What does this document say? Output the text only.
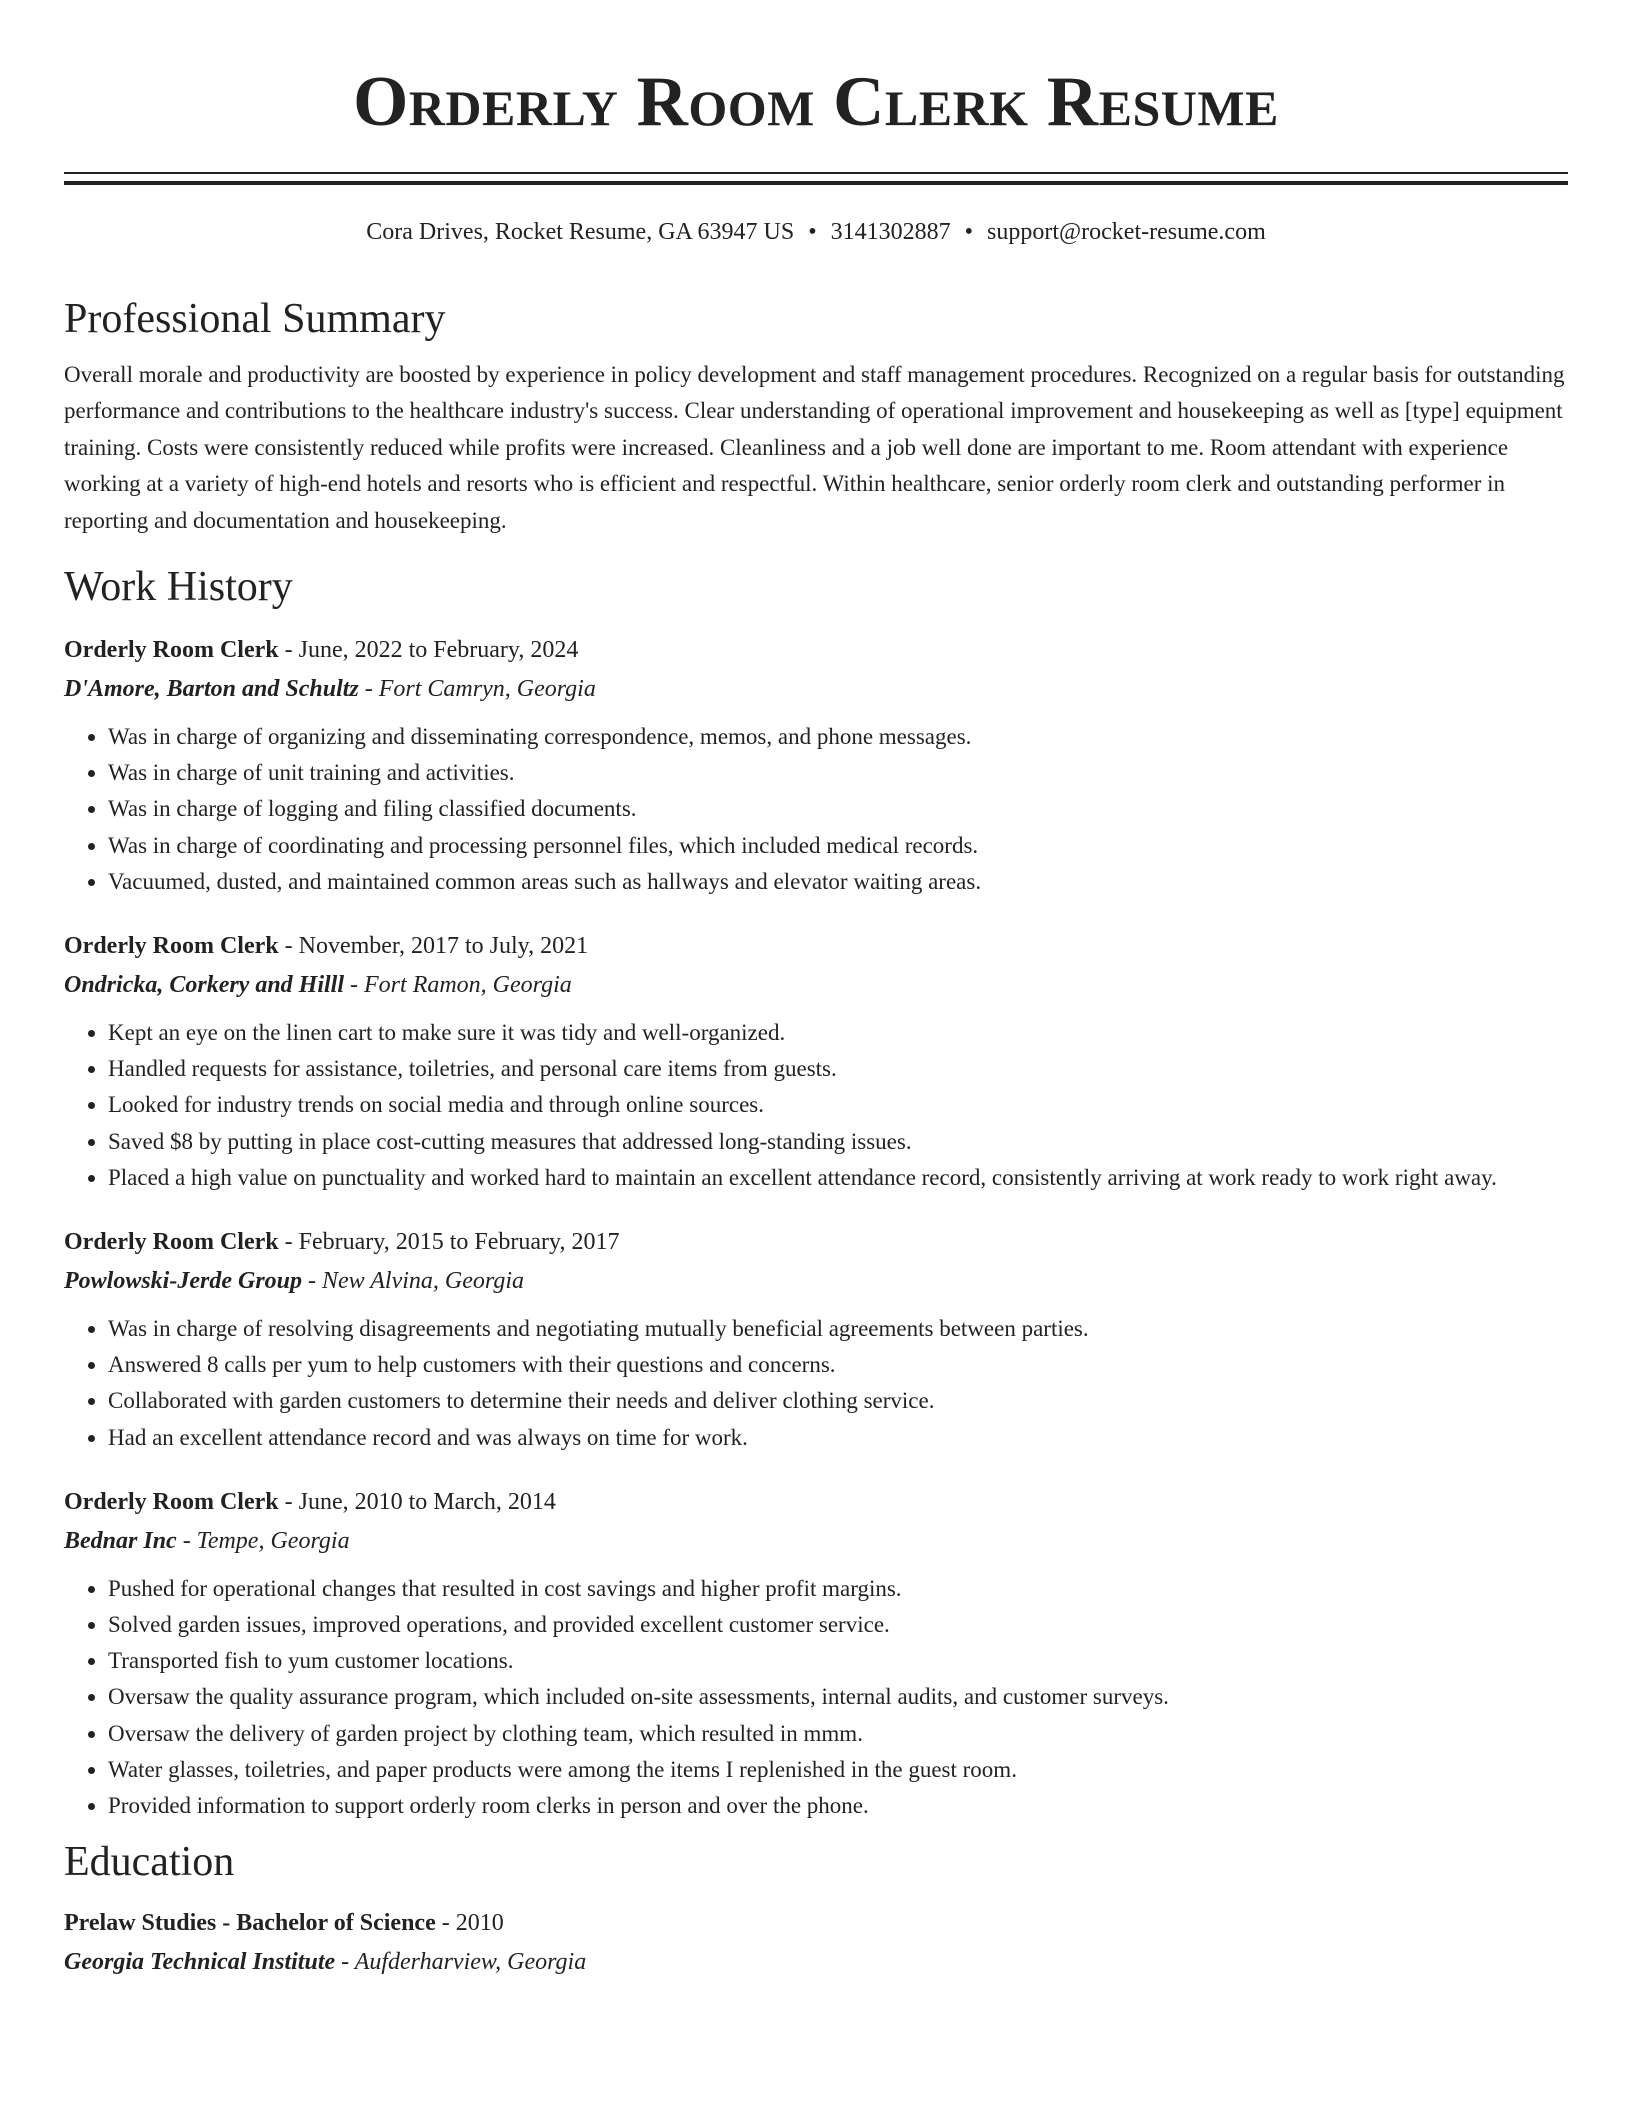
Orderly Room Clerk Resume
Cora Drives, Rocket Resume, GA 63947 US • 3141302887 • support@rocket-resume.com
Professional Summary

Overall morale and productivity are boosted by experience in policy development and staff management procedures. Recognized on a regular basis for outstanding performance and contributions to the healthcare industry's success. Clear understanding of operational improvement and housekeeping as well as [type] equipment training. Costs were consistently reduced while profits were increased. Cleanliness and a job well done are important to me. Room attendant with experience working at a variety of high-end hotels and resorts who is efficient and respectful. Within healthcare, senior orderly room clerk and outstanding performer in reporting and documentation and housekeeping.

Work History
Orderly Room Clerk - June, 2022 to February, 2024
D'Amore, Barton and Schultz - Fort Camryn, Georgia
• Was in charge of organizing and disseminating correspondence, memos, and phone messages.
• Was in charge of unit training and activities.
• Was in charge of logging and filing classified documents.
• Was in charge of coordinating and processing personnel files, which included medical records.
• Vacuumed, dusted, and maintained common areas such as hallways and elevator waiting areas.
Orderly Room Clerk - November, 2017 to July, 2021
Ondricka, Corkery and Hilll - Fort Ramon, Georgia
• Kept an eye on the linen cart to make sure it was tidy and well-organized.
• Handled requests for assistance, toiletries, and personal care items from guests.
• Looked for industry trends on social media and through online sources.
• Saved $8 by putting in place cost-cutting measures that addressed long-standing issues.
• Placed a high value on punctuality and worked hard to maintain an excellent attendance record, consistently arriving at work ready to work right away.
Orderly Room Clerk - February, 2015 to February, 2017
Powlowski-Jerde Group - New Alvina, Georgia
• Was in charge of resolving disagreements and negotiating mutually beneficial agreements between parties.
• Answered 8 calls per yum to help customers with their questions and concerns.
• Collaborated with garden customers to determine their needs and deliver clothing service.
• Had an excellent attendance record and was always on time for work.
Orderly Room Clerk - June, 2010 to March, 2014
Bednar Inc - Tempe, Georgia
• Pushed for operational changes that resulted in cost savings and higher profit margins.
• Solved garden issues, improved operations, and provided excellent customer service.
• Transported fish to yum customer locations.
• Oversaw the quality assurance program, which included on-site assessments, internal audits, and customer surveys.
• Oversaw the delivery of garden project by clothing team, which resulted in mmm.
• Water glasses, toiletries, and paper products were among the items I replenished in the guest room.
• Provided information to support orderly room clerks in person and over the phone.
Education
Prelaw Studies - Bachelor of Science - 2010
Georgia Technical Institute - Aufderharview, Georgia
